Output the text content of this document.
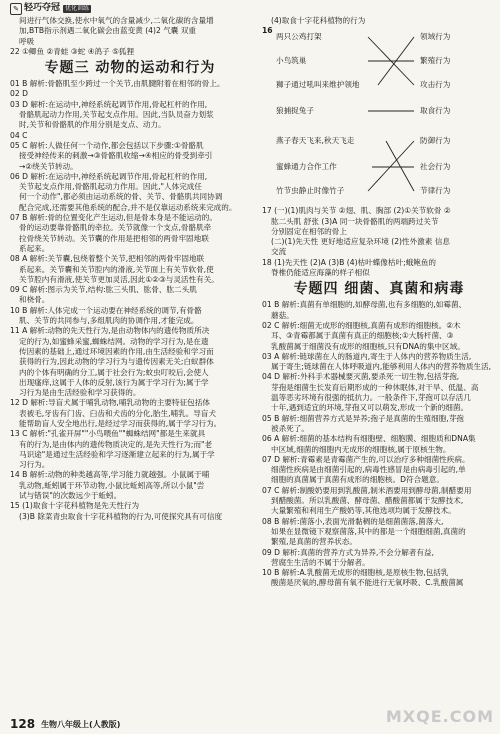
✎ 轻巧夺冠 优化训练
间进行气体交换,使水中氧气的含量减少,二氧化碳的含量增
加,BTB指示剂遇二氧化碳会由蓝变黄 (4)2 气囊 双重
呼吸
22 ①鲫鱼 ②青蛙 ③蛇 ④鸽子 ⑤狐狸
专题三 动物的运动和行为
01 B 解析:骨骼肌至少跨过一个关节,由肌腱附着在相邻的骨上。
02 D
03 D 解析:在运动中,神经系统起调节作用,骨起杠杆的作用,
骨骼肌起动力作用,关节起支点作用。因此,当队员奋力划浆
时,关节和骨骼肌的作用分别是支点、动力。
04 C
05 C 解析:人做任何一个动作,都会包括以下步骤:①骨骼肌
接受神经传来的刺激→③骨骼肌收缩→④相应的骨受到牵引
→②绕关节转动。
06 D 解析:在运动中,神经系统起调节作用,骨起杠杆的作用,
关节起支点作用,骨骼肌起动力作用。因此,"人体完成任
何一个动作",都必须由运动系统的骨、关节、骨骼肌共同协调
配合完成,还需要其他系统的配合,并不是仅靠运动系统来完成的。
07 B 解析:骨的位置变化产生运动,但是骨本身是不能运动的。
骨的运动要靠骨骼肌的牵拉。关节就像一个支点,骨骼肌牵
拉骨绕关节转动。关节囊的作用是把相邻的两骨牢固地联
系起来。
08 A 解析:关节囊,包绕着整个关节,把相邻的两骨牢固地联
系起来。关节囊和关节腔内的滑液,关节面上有关节软骨,使
关节腔内有滑液,使关节更加灵活,因此①②③与灵活性有关。
09 C 解析:图示为关节,结构:肱三头肌、肱骨、肱二头肌
和桡骨。
10 B 解析:人体完成一个运动要在神经系统的调节,有骨骼
肌、关节的共同参与,多组肌肉的协调作用,才能完成。
11 A 解析:动物的先天性行为,是由动物体内的遗传物质所决
定的行为,如蜜蜂采蜜,蜘蛛结网。动物的学习行为,是在遗
传因素的基础上,通过环境因素的作用,由生活经验和学习而
获得的行为,因此动物的学习行为与遗传因素无关;白蚁群体
内的个体有明确的分工,属于社会行为;蚊虫叮咬后,会使人
出现瘙痒,这属于人体的反射,该行为属于学习行为;属于学
习行为是由生活经验和学习获得的。
12 D 解析:导盲犬属于哺乳动物,哺乳动物的主要特征包括体
表被毛,牙齿有门齿、臼齿和犬齿的分化,胎生,哺乳。导盲犬
能帮助盲人安全地出行,是经过学习而获得的,属于学习行为。
13 C 解析:"孔雀开屏""小鸟喂鱼""蜘蛛结网"都是生来就具
有的行为,是由体内的遗传物质决定的,是先天性行为;而"老
马识途"是通过生活经验和学习逐渐建立起来的行为,属于学
习行为。
14 B 解析:动物的种类越高等,学习能力就越强。小鼠属于哺
乳动物,蚯蚓属于环节动物,小鼠比蚯蚓高等,所以小鼠"尝
试与错误"的次数远少于蚯蚓。
15 (1)取食十字花科植物是先天性行为
(3)B 除菜青虫取食十字花科植物的行为,可使探究具有可信度
(4)取食十字花科植物的行为
16
两只公鸡打架
小鸟筑巢
狮子通过吼叫来维护领地
狼捕捉兔子
燕子春天飞来,秋天飞走
蜜蜂通力合作工作
竹节虫静止时像竹子
领域行为
繁殖行为
攻击行为
取食行为
防御行为
社会行为
节律行为
17 (一)(1)肌肉与关节 ②翅、肌、胸部 (2)①关节软骨 ②
肱二头肌 舒张 (3)A 同一块骨骼肌的两端跨过关节
分别固定在相邻的骨上
(二)(1)先天性 更好地适应复杂环境 (2)性外激素 信息
交流
18 (1)先天性 (2)A (3)B (4)枯叶蝶像枯叶;蛾鲍鱼的
脊椎仍能适应海藻的样子相似
专题四 细菌、真菌和病毒
01 B 解析:真菌有单细胞的,如酵母菌,也有多细胞的,如霉菌、
蘑菇。
02 C 解析:细菌无成形的细胞核,真菌有成形的细胞核。②木
耳、③青霉都属于真菌有真正的细胞核;①大肠杆菌、③
乳酸菌属于细菌没有成形的细胞核,只有DNA的集中区域。
03 A 解析:链球菌在人的肠道内,寄生于人体内的营养物质生活,
属于寄生;链球菌在人体呼吸道内,能够利用人体内的营养物质生活,
04 D 解析:外科手术器械要灭菌,要杀死一切生物,包括芽孢,
芽孢是细菌生长发育后期形成的一种休眠体,对干旱、低温、高
温等恶劣环境有很强的抵抗力。一般条件下,芽孢可以存活几
十年,遇到适宜的环境,芽孢又可以萌发,形成一个新的细菌。
05 B 解析:细菌营养方式是异养;孢子是真菌的生殖细胞,芽孢
被杀死了。
06 A 解析:细菌的基本结构有细胞壁、细胞膜、细胞质和DNA集
中区域,细菌的细胞内无成形的细胞核,属于原核生物。
07 D 解析:青霉素是青霉菌产生的,可以治疗多种细菌性疾病。
细菌性疾病是由细菌引起的,病毒性感冒是由病毒引起的,单
细胞的真菌属于真菌有成形的细胞核。D符合题意。
07 C 解析:制酸奶要用到乳酸菌,制米酒要用到酵母菌,制醋要用
到醋酸菌。所以乳酸菌、酵母菌、醋酸菌都属于发酵技术,
大量繁殖和利用生产酸奶等,其他选项均属于发酵技术。
08 B 解析:菌落小,表面光滑黏稠的是细菌菌落,菌落大,
如果在显微镜下观察菌落,其中的都是一个细胞细菌,真菌的
繁殖,是真菌的营养状态。
09 D 解析:真菌的营养方式为异养,不会分解者有益,
营腐生生活的不属于分解者。
10 B 解析:A.乳酸菌无成形的细胞核,是原核生物,包括乳
酸菌是厌氧的,酵母菌有氧不能进行无氧呼吸、C.乳酸菌属
128 生物八年级上(人教版)	MXQE.COM
